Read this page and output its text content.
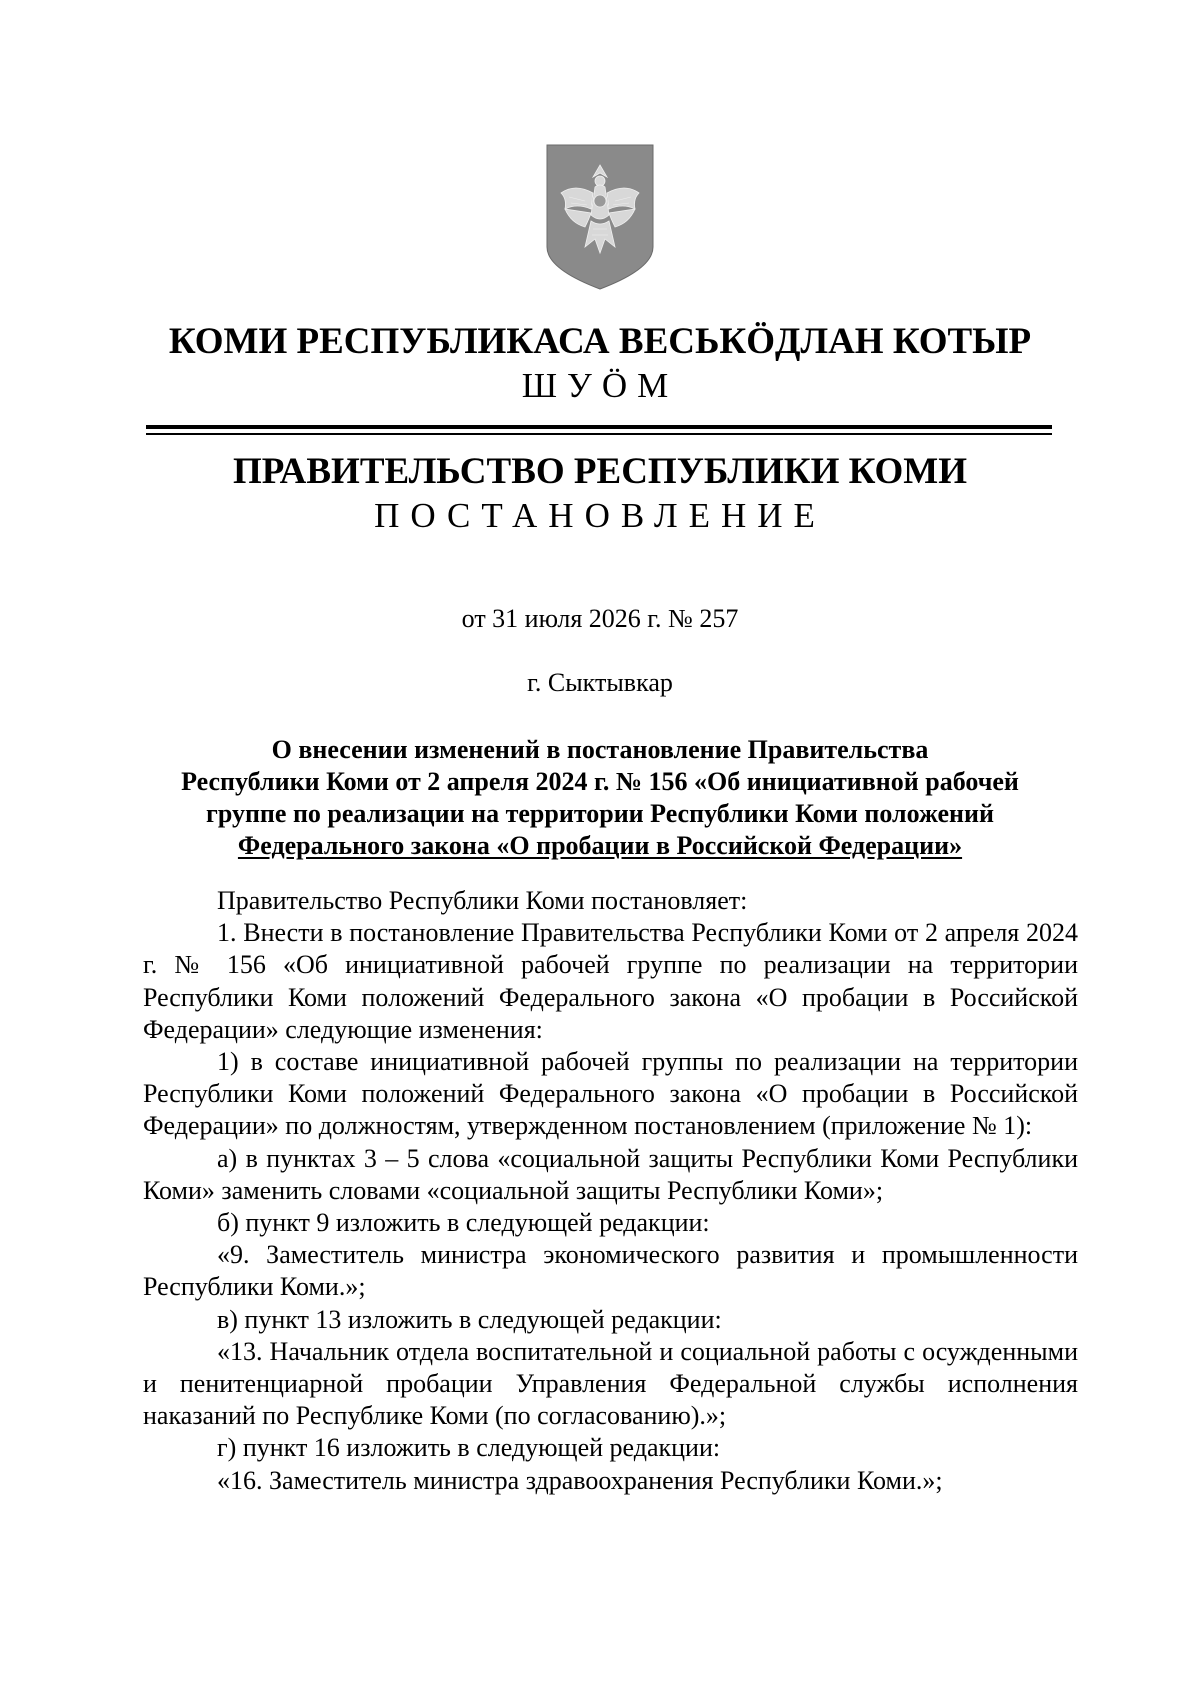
КОМИ РЕСПУБЛИКАСА ВЕСЬКÖДЛАН КОТЫР
ШУÖМ
ПРАВИТЕЛЬСТВО РЕСПУБЛИКИ КОМИ
ПОСТАНОВЛЕНИЕ
от 31 июля 2026 г. № 257
г. Сыктывкар
О внесении изменений в постановление Правительства
Республики Коми от 2 апреля 2024 г. № 156 «Об инициативной рабочей
группе по реализации на территории Республики Коми положений
Федерального закона «О пробации в Российской Федерации»

Правительство Республики Коми постановляет:

1. Внести в постановление Правительства Республики Коми от 2 апреля 2024 г. № 156 «Об инициативной рабочей группе по реализации на территории Республики Коми положений Федерального закона «О пробации в Российской Федерации» следующие изменения:

1) в составе инициативной рабочей группы по реализации на территории Республики Коми положений Федерального закона «О пробации в Российской Федерации» по должностям, утвержденном постановлением (приложение № 1):

а) в пунктах 3 – 5 слова «социальной защиты Республики Коми Республики Коми» заменить словами «социальной защиты Республики Коми»;

б) пункт 9 изложить в следующей редакции:

«9. Заместитель министра экономического развития и промышленности Республики Коми.»;

в) пункт 13 изложить в следующей редакции:

«13. Начальник отдела воспитательной и социальной работы с осужденными и пенитенциарной пробации Управления Федеральной службы исполнения наказаний по Республике Коми (по согласованию).»;

г) пункт 16 изложить в следующей редакции:

«16. Заместитель министра здравоохранения Республики Коми.»;
